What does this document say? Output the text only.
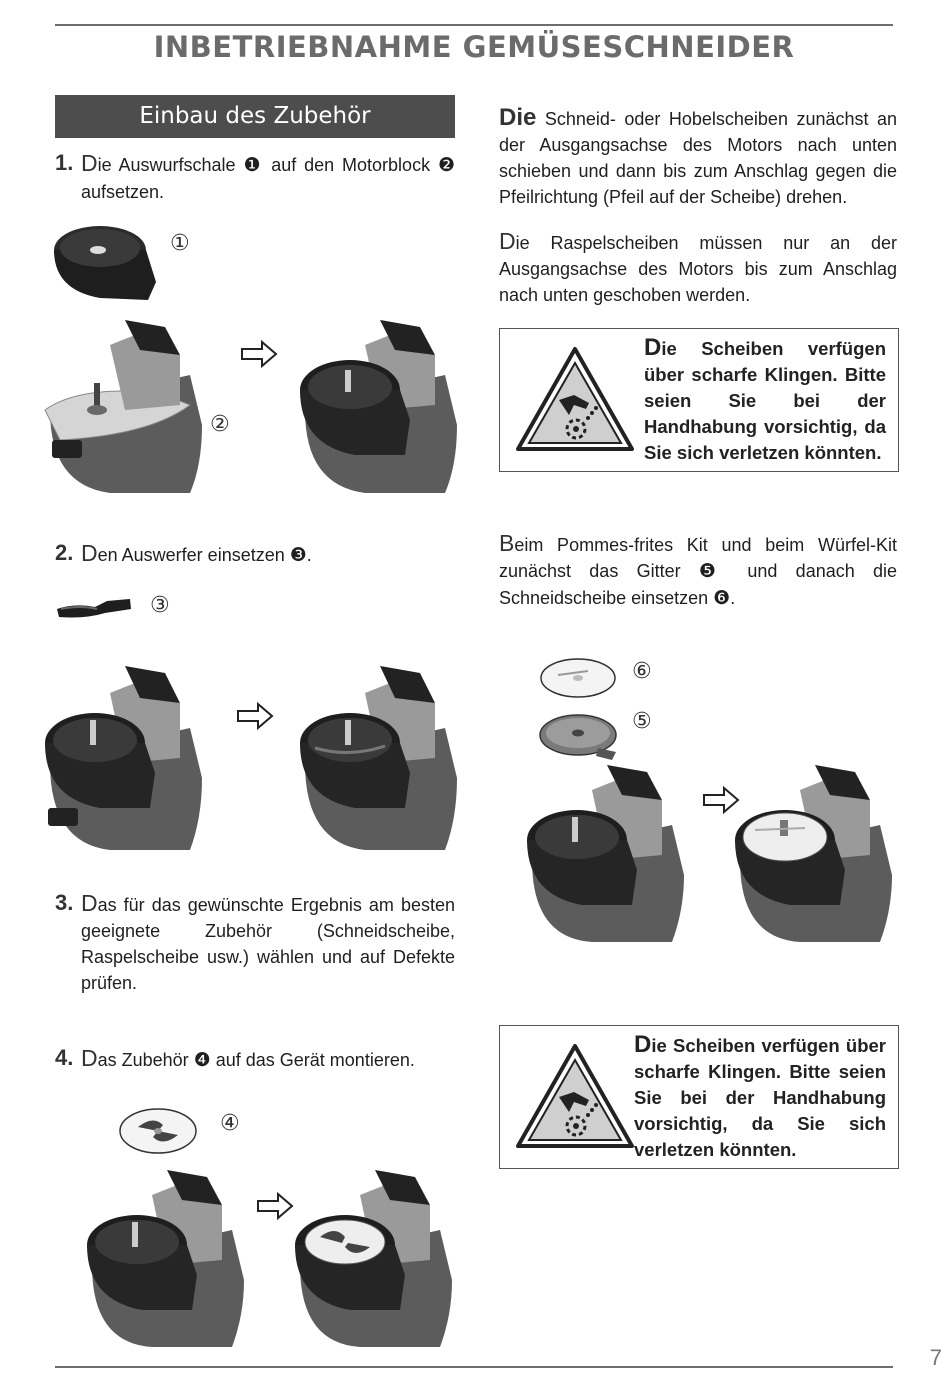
INBETRIEBNAHME GEMÜSESCHNEIDER
Einbau des Zubehör
1. Die Auswurfschale ❶ auf den Motorblock ❷ aufsetzen.
①
②
Die Schneid- oder Hobelscheiben zunächst an der Ausgangsachse des Motors nach unten schieben und dann bis zum Anschlag gegen die Pfeilrichtung (Pfeil auf der Scheibe) drehen.
Die Raspelscheiben müssen nur an der Ausgangsachse des Motors bis zum Anschlag nach unten geschoben werden.
Die Scheiben verfügen über scharfe Klingen. Bitte seien Sie bei der Handhabung vorsichtig, da Sie sich verletzen könnten.
2. Den Auswerfer einsetzen ❸.
③
Beim Pommes-frites Kit und beim Würfel-Kit zunächst das Gitter ❺ und danach die Schneidscheibe einsetzen ❻.
⑥
⑤
3. Das für das gewünschte Ergebnis am besten geeignete Zubehör (Schneidscheibe, Raspelscheibe usw.) wählen und auf Defekte prüfen.
4. Das Zubehör ❹ auf das Gerät montieren.
④
Die Scheiben verfügen über scharfe Klingen. Bitte seien Sie bei der Handhabung vorsichtig, da Sie sich verletzen könnten.
7
